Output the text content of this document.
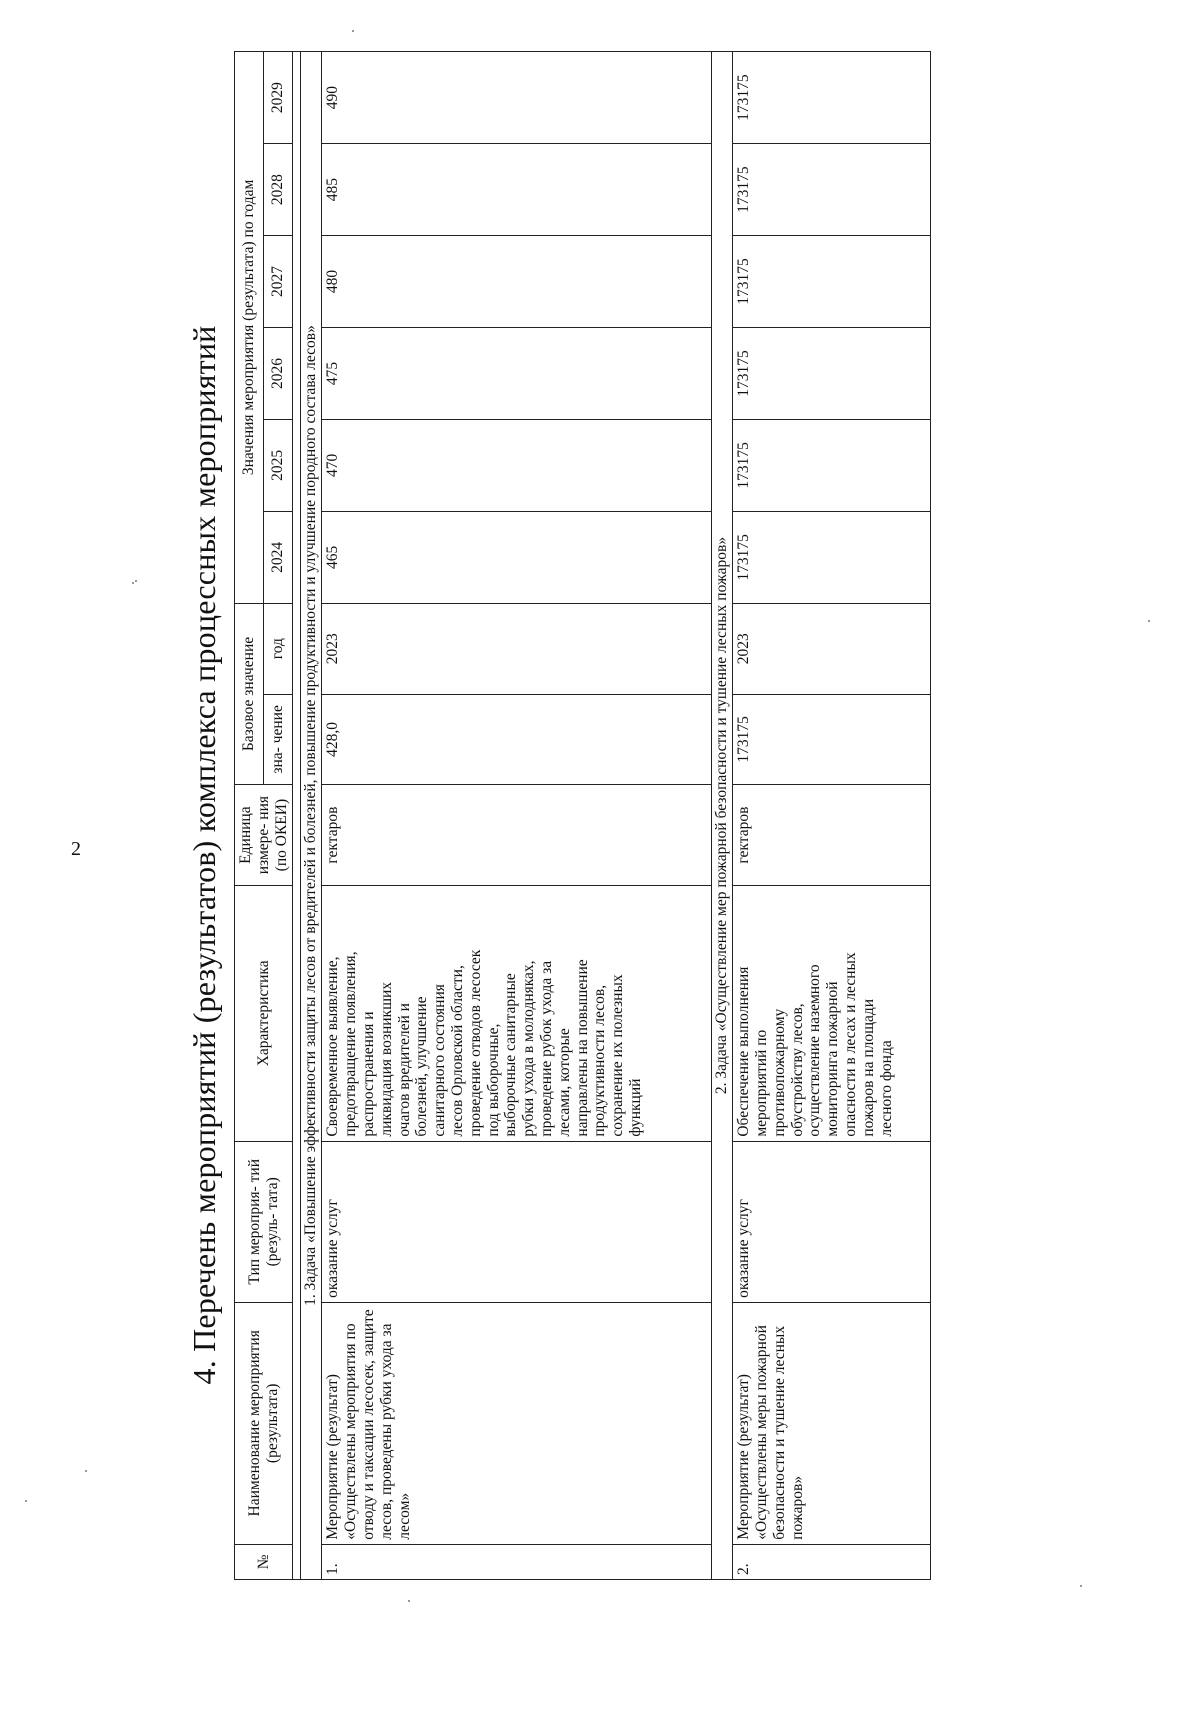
2	4. Перечень мероприятий (результатов) комплекса процессных мероприятий
№	Наименование мероприятия (результата)	Тип мероприя- тий (резуль- тата)	Характеристика	Единица измере- ния (по ОКЕИ)	Базовое значение		Значения мероприятия (результата) по годам					
					зна- чение	год	2024	2025	2026	2027	2028	2029

1. Задача «Повышение эффективности защиты лесов от вредителей и болезней, повышение продуктивности и улучшение породного состава лесов»												
1.	Мероприятие (результат) «Осуществлены мероприятия по отводу и таксации лесосек, защите лесов, проведены рубки ухода за лесом»	оказание услуг	Своевременное выявление, предотвращение появления, распространения и ликвидация возникших очагов вредителей и болезней, улучшение санитарного состояния лесов Орловской области, проведение отводов лесосек под выборочные, выборочные санитарные рубки ухода в молодняках, проведение рубок ухода за лесами, которые направлены на повышение продуктивности лесов, сохранение их полезных функций	гектаров	428,0	2023	465	470	475	480	485	490
2. Задача «Осуществление мер пожарной безопасности и тушение лесных пожаров»												
2.	Мероприятие (результат) «Осуществлены меры пожарной безопасности и тушение лесных пожаров»	оказание услуг	Обеспечение выполнения мероприятий по противопожарному обустройству лесов, осуществление наземного мониторинга пожарной опасности в лесах и лесных пожаров на площади лесного фонда	гектаров	173175	2023	173175	173175	173175	173175	173175	173175
